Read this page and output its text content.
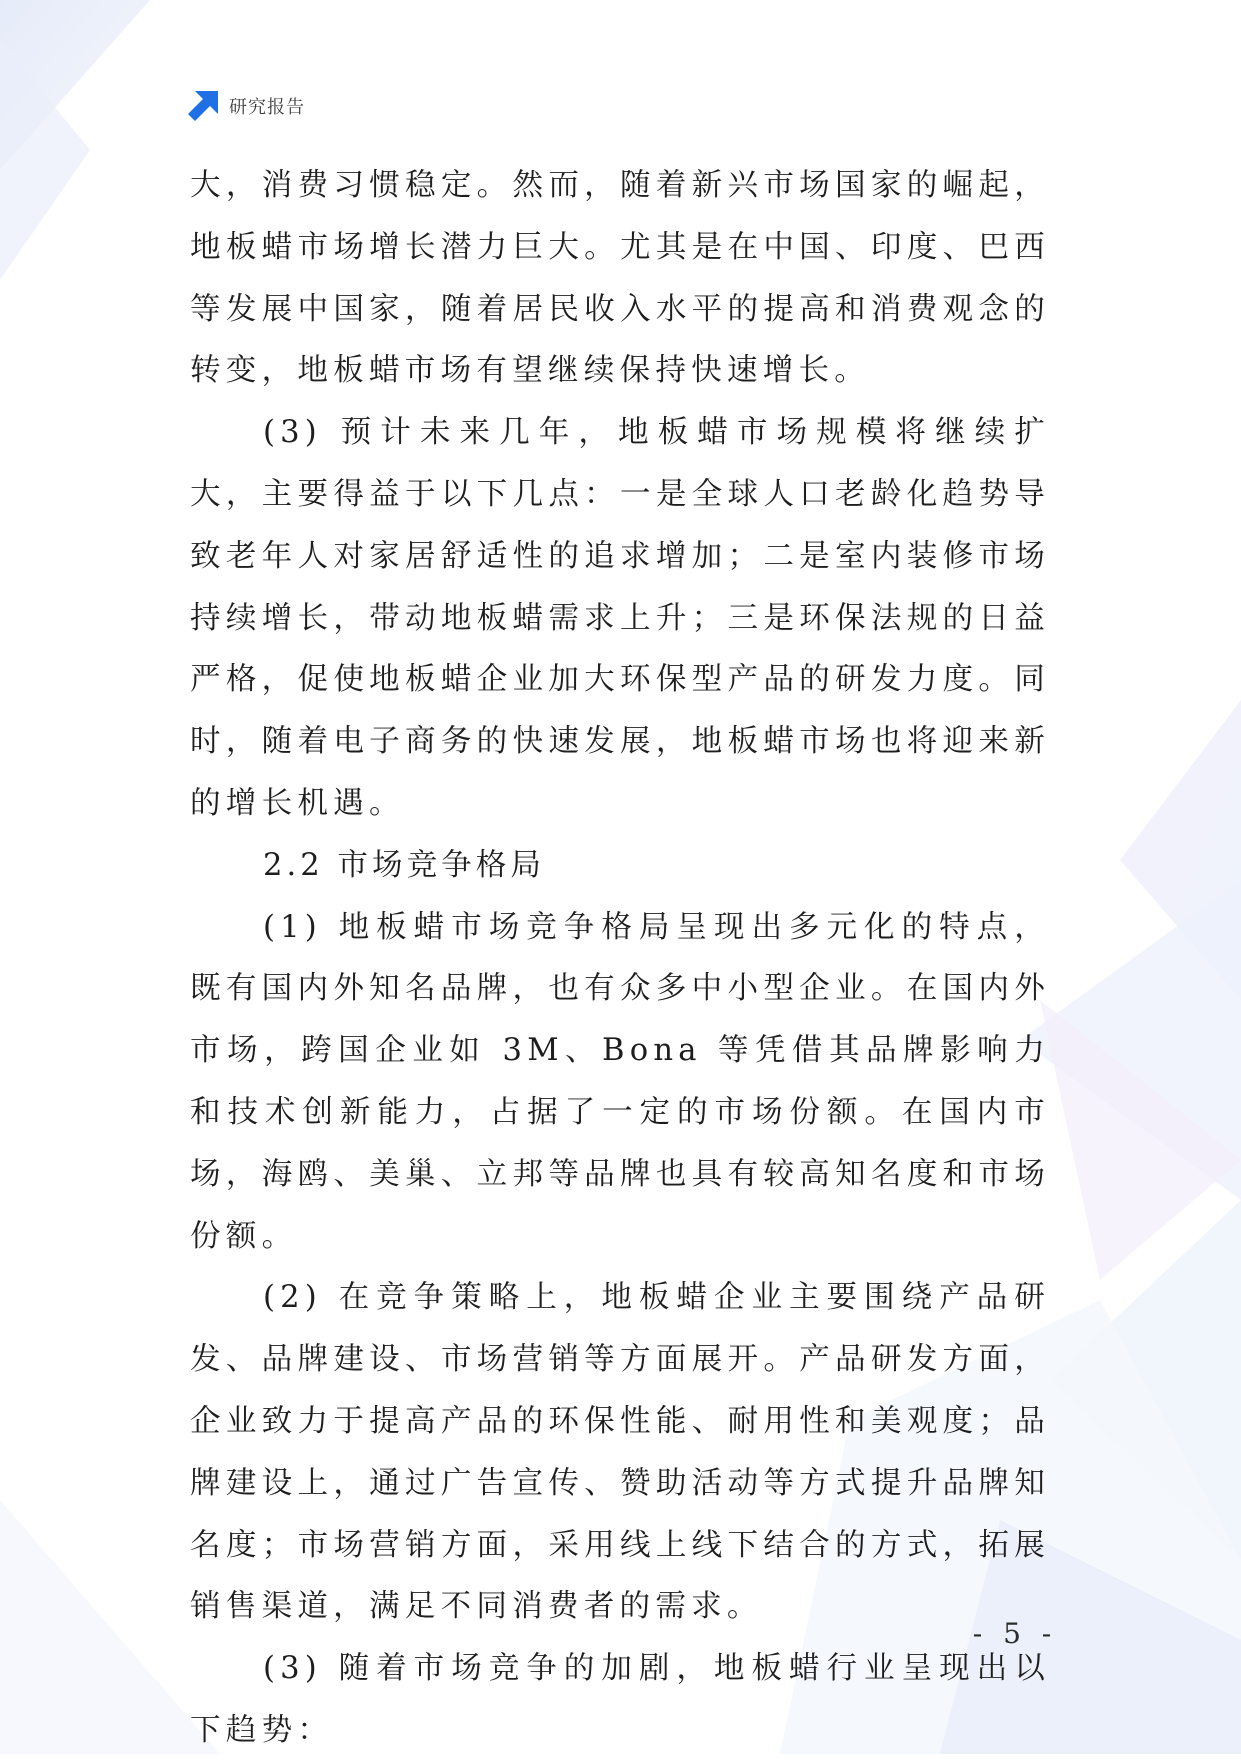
研究报告

大，消费习惯稳定。然而，随着新兴市场国家的崛起，地板蜡市场增长潜力巨大。尤其是在中国、印度、巴西等发展中国家，随着居民收入水平的提高和消费观念的转变，地板蜡市场有望继续保持快速增长。

(3) 预计未来几年，地板蜡市场规模将继续扩大，主要得益于以下几点：一是全球人口老龄化趋势导致老年人对家居舒适性的追求增加；二是室内装修市场持续增长，带动地板蜡需求上升；三是环保法规的日益严格，促使地板蜡企业加大环保型产品的研发力度。同时，随着电子商务的快速发展，地板蜡市场也将迎来新的增长机遇。

2.2 市场竞争格局

(1) 地板蜡市场竞争格局呈现出多元化的特点，既有国内外知名品牌，也有众多中小型企业。在国内外市场，跨国企业如 3M、Bona 等凭借其品牌影响力和技术创新能力，占据了一定的市场份额。在国内市场，海鸥、美巢、立邦等品牌也具有较高知名度和市场份额。

(2) 在竞争策略上，地板蜡企业主要围绕产品研发、品牌建设、市场营销等方面展开。产品研发方面，企业致力于提高产品的环保性能、耐用性和美观度；品牌建设上，通过广告宣传、赞助活动等方式提升品牌知名度；市场营销方面，采用线上线下结合的方式，拓展销售渠道，满足不同消费者的需求。

(3) 随着市场竞争的加剧，地板蜡行业呈现出以下趋势：

- 5 -
